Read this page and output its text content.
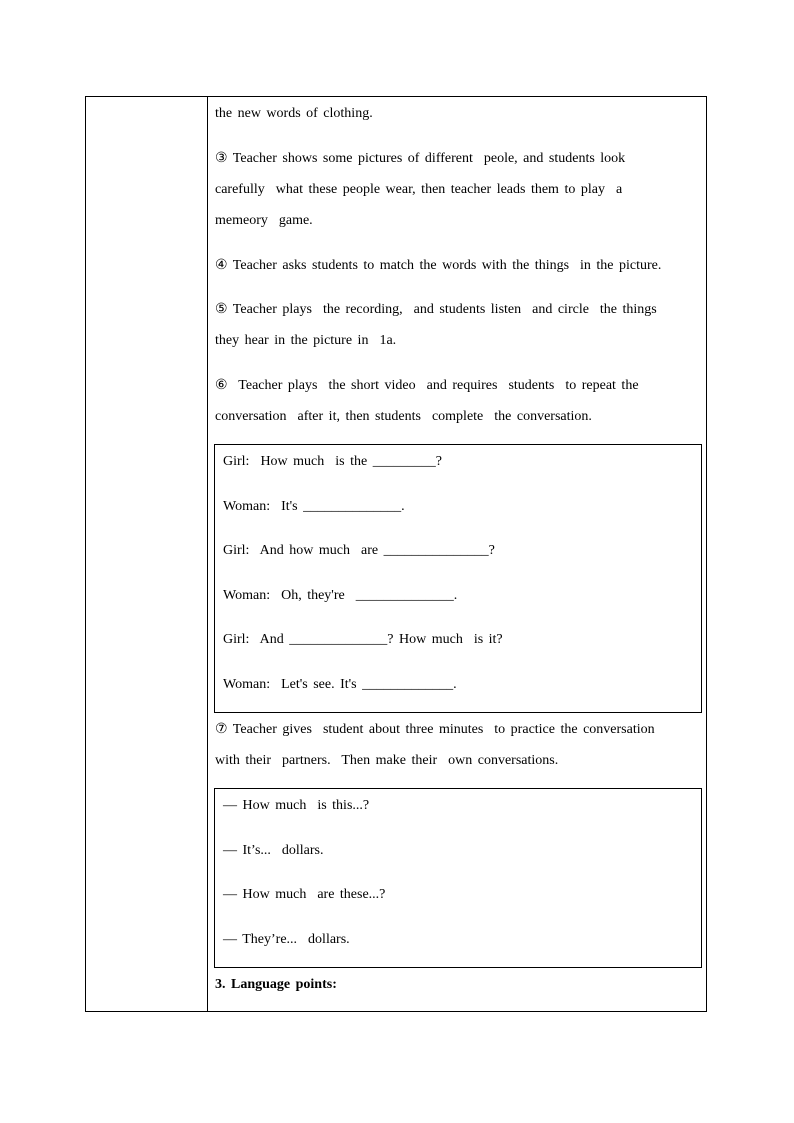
the new words of clothing.
③ Teacher shows some pictures of different  peole, and students look
carefully  what these people wear, then teacher leads them to play  a
memeory  game.
④ Teacher asks students to match the words with the things  in the picture.
⑤ Teacher plays  the recording,  and students listen  and circle  the things
they hear in the picture in  1a.
⑥  Teacher plays  the short video  and requires  students  to repeat the
conversation  after it, then students  complete  the conversation.
Girl:  How much  is the _________?
Woman:  It's ______________.
Girl:  And how much  are _______________?
Woman:  Oh, they're  ______________.
Girl:  And ______________? How much  is it?
Woman:  Let's see. It's _____________.
⑦ Teacher gives  student about three minutes  to practice the conversation
with their  partners.  Then make their  own conversations.
— How much  is this...?
— It’s...  dollars.
— How much  are these...?
— They’re...  dollars.
3. Language points:
